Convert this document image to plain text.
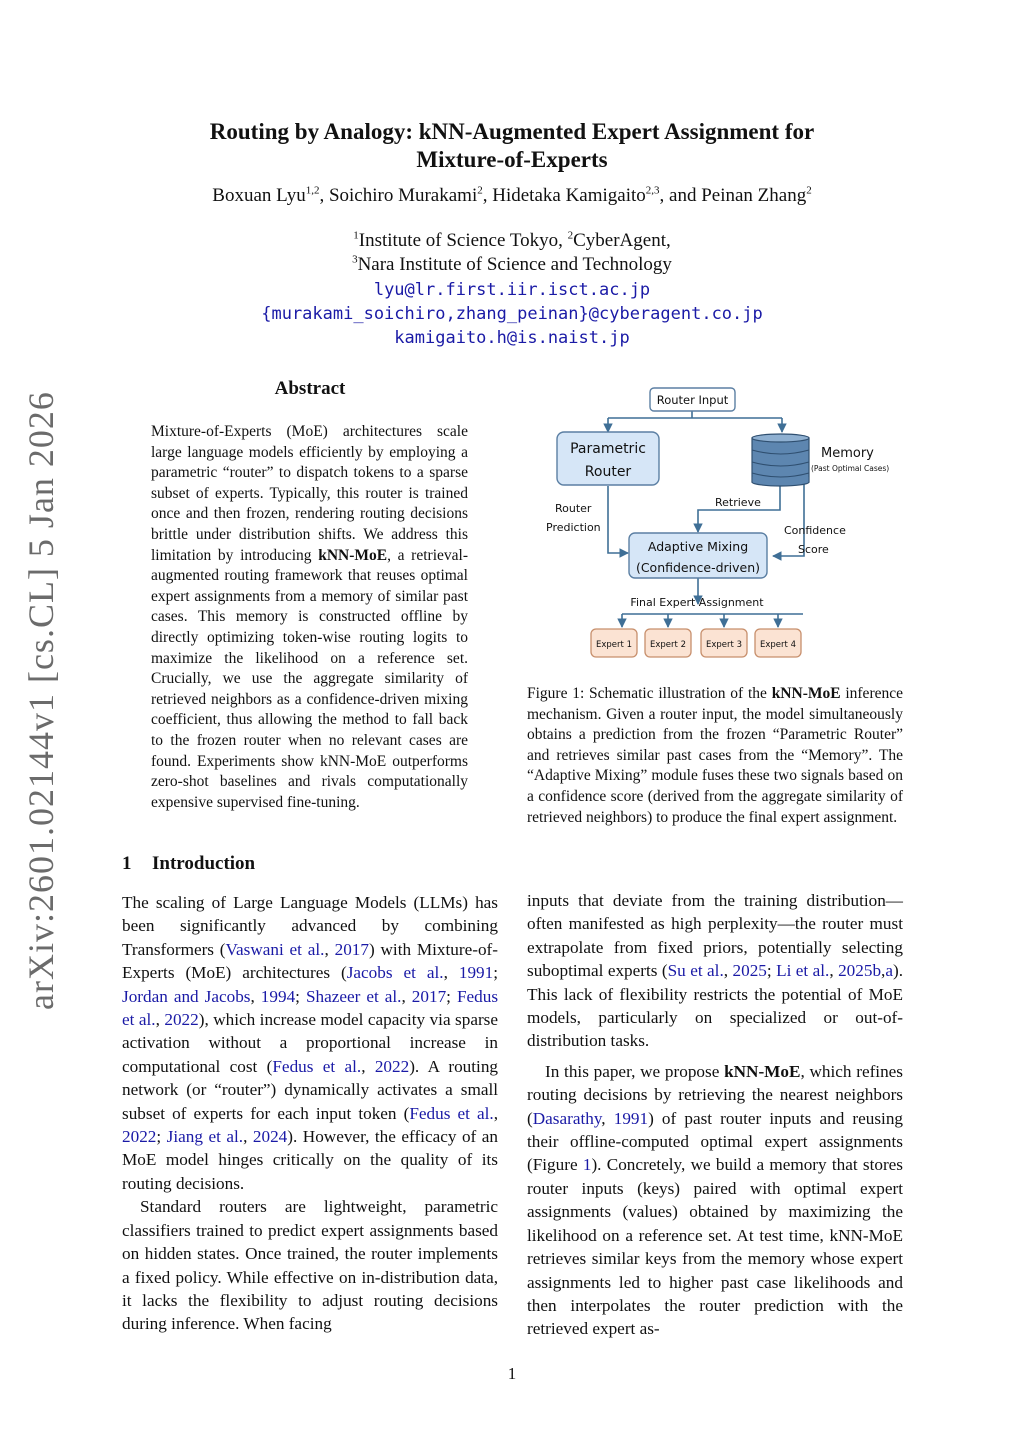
arXiv:2601.02144v1 [cs.CL] 5 Jan 2026
Routing by Analogy: kNN-Augmented Expert Assignment for
Mixture-of-Experts
Boxuan Lyu$^{1,2}$, Soichiro Murakami$^2$, Hidetaka Kamigaito$^{2,3}$, and Peinan Zhang$^2$
$^1$Institute of Science Tokyo, $^2$CyberAgent,
$^3$Nara Institute of Science and Technology
lyu@lr.first.iir.isct.ac.jp
{murakami_soichiro,zhang_peinan}@cyberagent.co.jp
kamigaito.h@is.naist.jp
Abstract
Mixture-of-Experts (MoE) architectures scale large language models efficiently by employing a parametric “router” to dispatch tokens to a sparse subset of experts. Typically, this router is trained once and then frozen, rendering routing decisions brittle under distribution shifts. We address this limitation by introducing kNN-MoE, a retrieval-augmented routing framework that reuses optimal expert assignments from a memory of similar past cases. This memory is constructed offline by directly optimizing token-wise routing logits to maximize the likelihood on a reference set. Crucially, we use the aggregate similarity of retrieved neighbors as a confidence-driven mixing coefficient, thus allowing the method to fall back to the frozen router when no relevant cases are found. Experiments show kNN-MoE outperforms zero-shot baselines and rivals computationally expensive supervised fine-tuning.
1 Introduction

The scaling of Large Language Models (LLMs) has been significantly advanced by combining Transformers (Vaswani et al., 2017) with Mixture-of-Experts (MoE) architectures (Jacobs et al., 1991; Jordan and Jacobs, 1994; Shazeer et al., 2017; Fedus et al., 2022), which increase model capacity via sparse activation without a proportional increase in computational cost (Fedus et al., 2022). A routing network (or “router”) dynamically activates a small subset of experts for each input token (Fedus et al., 2022; Jiang et al., 2024). However, the efficacy of an MoE model hinges critically on the quality of its routing decisions.

Standard routers are lightweight, parametric classifiers trained to predict expert assignments based on hidden states. Once trained, the router implements a fixed policy. While effective on in-distribution data, it lacks the flexibility to adjust routing decisions during inference. When facing

Router Input
Parametric
Router
Memory
(Past Optimal Cases)
Retrieve
Router
Prediction	Confidence
Score
Adaptive Mixing
(Confidence-driven)
Final Expert Assignment
Expert 1 Expert 2 Expert 3 Expert 4
Figure 1: Schematic illustration of the kNN-MoE inference mechanism. Given a router input, the model simultaneously obtains a prediction from the frozen “Parametric Router” and retrieves similar past cases from the “Memory”. The “Adaptive Mixing” module fuses these two signals based on a confidence score (derived from the aggregate similarity of retrieved neighbors) to produce the final expert assignment.

inputs that deviate from the training distribution—often manifested as high perplexity—the router must extrapolate from fixed priors, potentially selecting suboptimal experts (Su et al., 2025; Li et al., 2025b,a). This lack of flexibility restricts the potential of MoE models, particularly on specialized or out-of-distribution tasks.

In this paper, we propose kNN-MoE, which refines routing decisions by retrieving the nearest neighbors (Dasarathy, 1991) of past router inputs and reusing their offline-computed optimal expert assignments (Figure 1). Concretely, we build a memory that stores router inputs (keys) paired with optimal expert assignments (values) obtained by maximizing the likelihood on a reference set. At test time, kNN-MoE retrieves similar keys from the memory whose expert assignments led to higher past case likelihoods and then interpolates the router prediction with the retrieved expert as-

1
